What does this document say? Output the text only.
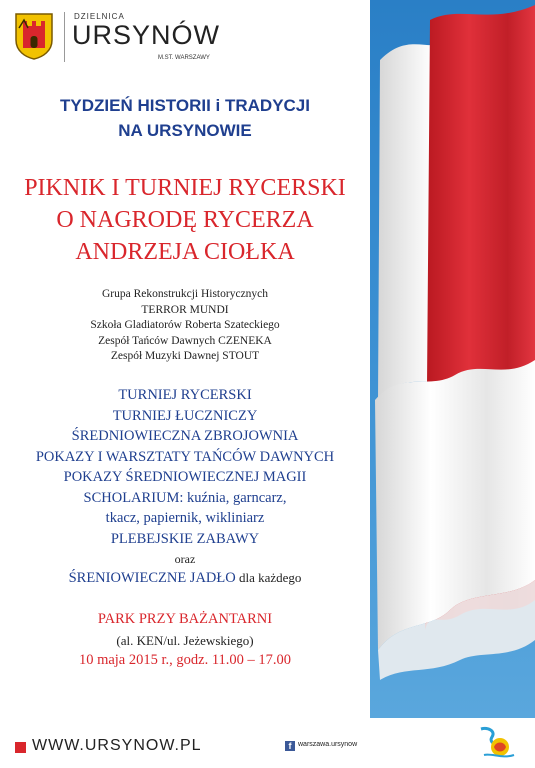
DZIELNICA
URSYNÓW
M.ST. WARSZAWY
TYDZIEŃ HISTORII i TRADYCJI
NA URSYNOWIE
PIKNIK I TURNIEJ RYCERSKI
O NAGRODĘ RYCERZA
ANDRZEJA CIOŁKA
Grupa Rekonstrukcji Historycznych
TERROR MUNDI
Szkoła Gladiatorów Roberta Szateckiego
Zespół Tańców Dawnych CZENEKA
Zespół Muzyki Dawnej STOUT
TURNIEJ RYCERSKI
TURNIEJ ŁUCZNICZY
ŚREDNIOWIECZNA ZBROJOWNIA
POKAZY I WARSZTATY TAŃCÓW DAWNYCH
POKAZY ŚREDNIOWIECZNEJ MAGII
SCHOLARIUM: kuźnia, garncarz,
tkacz, papiernik, wikliniarz
PLEBEJSKIE ZABAWY
oraz
ŚRENIOWIECZNE JADŁO dla każdego
PARK PRZY BAŻANTARNI
(al. KEN/ul. Jeżewskiego)
10 maja 2015 r., godz. 11.00 – 17.00
WWW.URSYNOW.PL	f warszawa.ursynow
